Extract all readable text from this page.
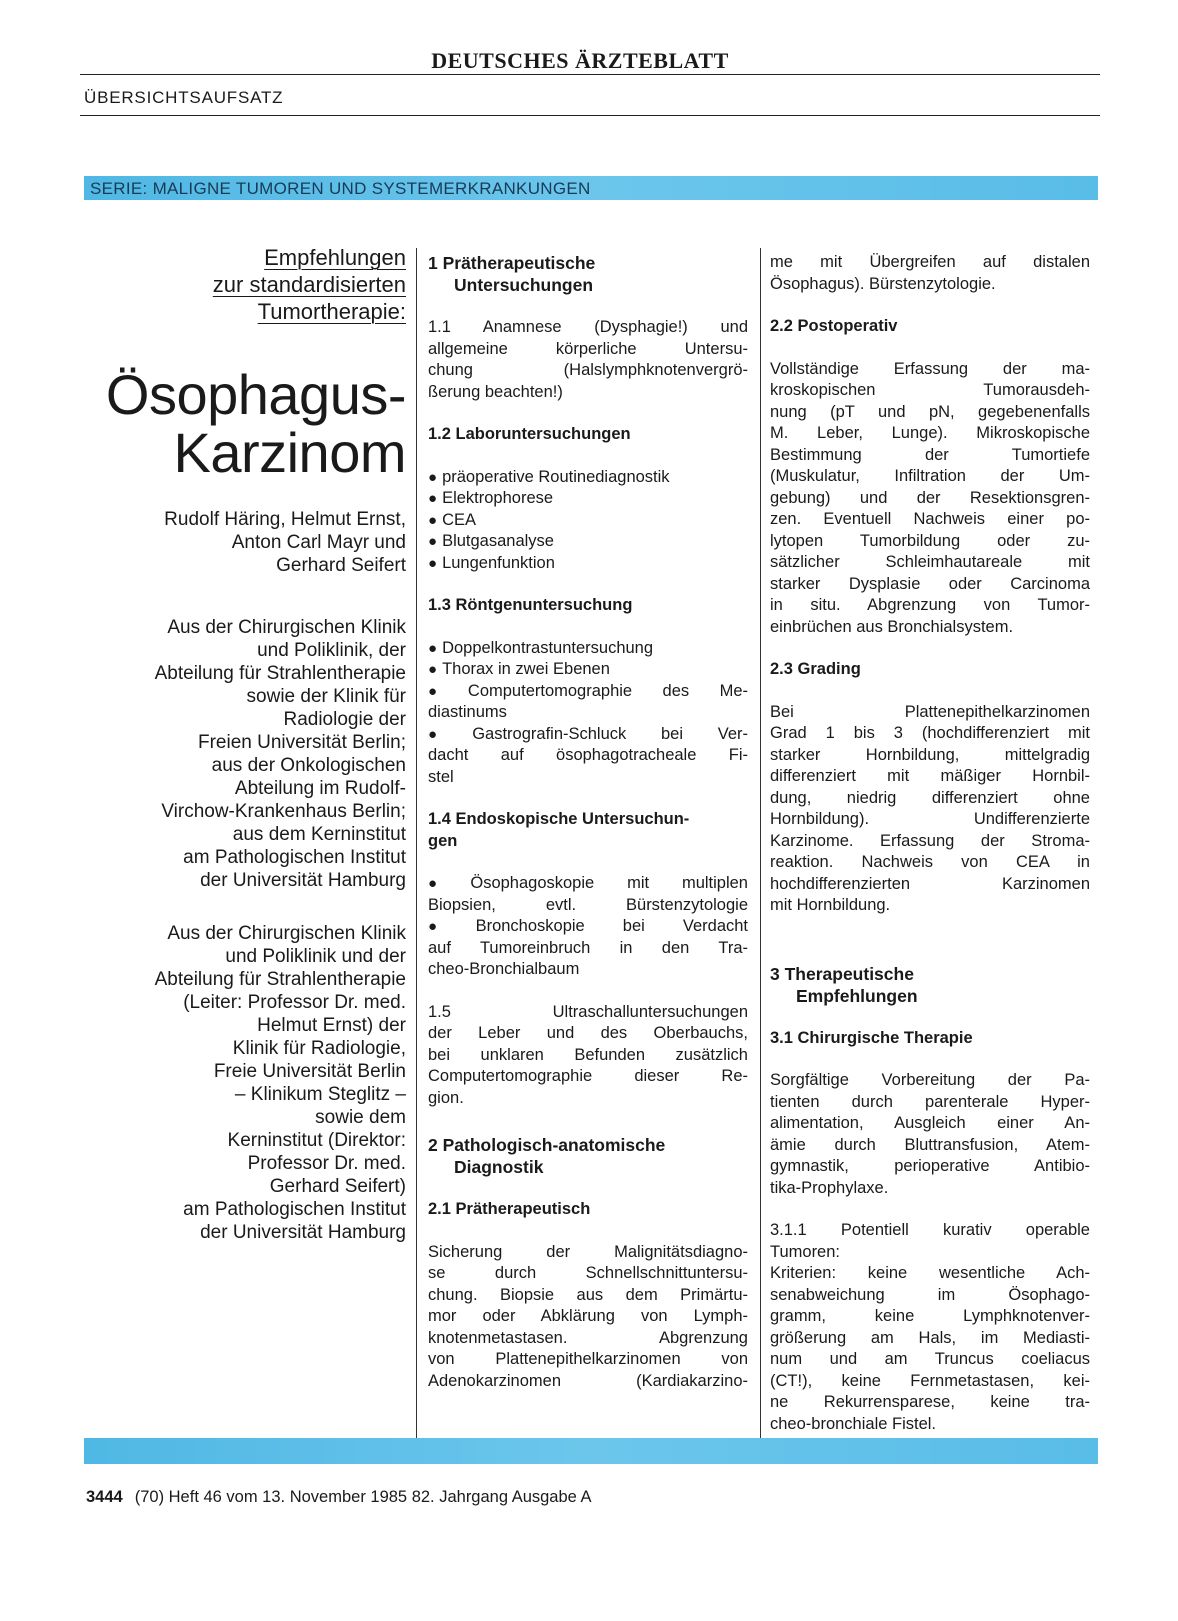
DEUTSCHES ÄRZTEBLATT
ÜBERSICHTSAUFSATZ
SERIE: MALIGNE TUMOREN UND SYSTEMERKRANKUNGEN
Empfehlungen
zur standardisierten
Tumortherapie:
Ösophagus-
Karzinom
Rudolf Häring, Helmut Ernst,
Anton Carl Mayr und
Gerhard Seifert
Aus der Chirurgischen Klinik
und Poliklinik, der
Abteilung für Strahlentherapie
sowie der Klinik für
Radiologie der
Freien Universität Berlin;
aus der Onkologischen
Abteilung im Rudolf-
Virchow-Krankenhaus Berlin;
aus dem Kerninstitut
am Pathologischen Institut
der Universität Hamburg
Aus der Chirurgischen Klinik
und Poliklinik und der
Abteilung für Strahlentherapie
(Leiter: Professor Dr. med.
Helmut Ernst) der
Klinik für Radiologie,
Freie Universität Berlin
– Klinikum Steglitz –
sowie dem
Kerninstitut (Direktor:
Professor Dr. med.
Gerhard Seifert)
am Pathologischen Institut
der Universität Hamburg
1 Prätherapeutische
Untersuchungen
1.1 Anamnese (Dysphagie!) und
allgemeine körperliche Untersu-
chung (Halslymphknotenvergrö-
ßerung beachten!)
1.2 Laboruntersuchungen
● präoperative Routinediagnostik
● Elektrophorese
● CEA
● Blutgasanalyse
● Lungenfunktion
1.3 Röntgenuntersuchung
● Doppelkontrastuntersuchung
● Thorax in zwei Ebenen
● Computertomographie des Me-
diastinums
● Gastrografin-Schluck bei Ver-
dacht auf ösophagotracheale Fi-
stel
1.4 Endoskopische Untersuchun-
gen
● Ösophagoskopie mit multiplen
Biopsien, evtl. Bürstenzytologie
● Bronchoskopie bei Verdacht
auf Tumoreinbruch in den Tra-
cheo-Bronchialbaum
1.5 Ultraschalluntersuchungen
der Leber und des Oberbauchs,
bei unklaren Befunden zusätzlich
Computertomographie dieser Re-
gion.
2 Pathologisch-anatomische
Diagnostik
2.1 Prätherapeutisch
Sicherung der Malignitätsdiagno-
se durch Schnellschnittuntersu-
chung. Biopsie aus dem Primärtu-
mor oder Abklärung von Lymph-
knotenmetastasen. Abgrenzung
von Plattenepithelkarzinomen von
Adenokarzinomen (Kardiakarzino-
me mit Übergreifen auf distalen
Ösophagus). Bürstenzytologie.
2.2 Postoperativ
Vollständige Erfassung der ma-
kroskopischen Tumorausdeh-
nung (pT und pN, gegebenenfalls
M. Leber, Lunge). Mikroskopische
Bestimmung der Tumortiefe
(Muskulatur, Infiltration der Um-
gebung) und der Resektionsgren-
zen. Eventuell Nachweis einer po-
lytopen Tumorbildung oder zu-
sätzlicher Schleimhautareale mit
starker Dysplasie oder Carcinoma
in situ. Abgrenzung von Tumor-
einbrüchen aus Bronchialsystem.
2.3 Grading
Bei Plattenepithelkarzinomen
Grad 1 bis 3 (hochdifferenziert mit
starker Hornbildung, mittelgradig
differenziert mit mäßiger Hornbil-
dung, niedrig differenziert ohne
Hornbildung). Undifferenzierte
Karzinome. Erfassung der Stroma-
reaktion. Nachweis von CEA in
hochdifferenzierten Karzinomen
mit Hornbildung.
3 Therapeutische
Empfehlungen
3.1 Chirurgische Therapie
Sorgfältige Vorbereitung der Pa-
tienten durch parenterale Hyper-
alimentation, Ausgleich einer An-
ämie durch Bluttransfusion, Atem-
gymnastik, perioperative Antibio-
tika-Prophylaxe.
3.1.1 Potentiell kurativ operable
Tumoren:
Kriterien: keine wesentliche Ach-
senabweichung im Ösophago-
gramm, keine Lymphknotenver-
größerung am Hals, im Mediasti-
num und am Truncus coeliacus
(CT!), keine Fernmetastasen, kei-
ne Rekurrensparese, keine tra-
cheo-bronchiale Fistel.
3444 (70) Heft 46 vom 13. November 1985 82. Jahrgang Ausgabe A
